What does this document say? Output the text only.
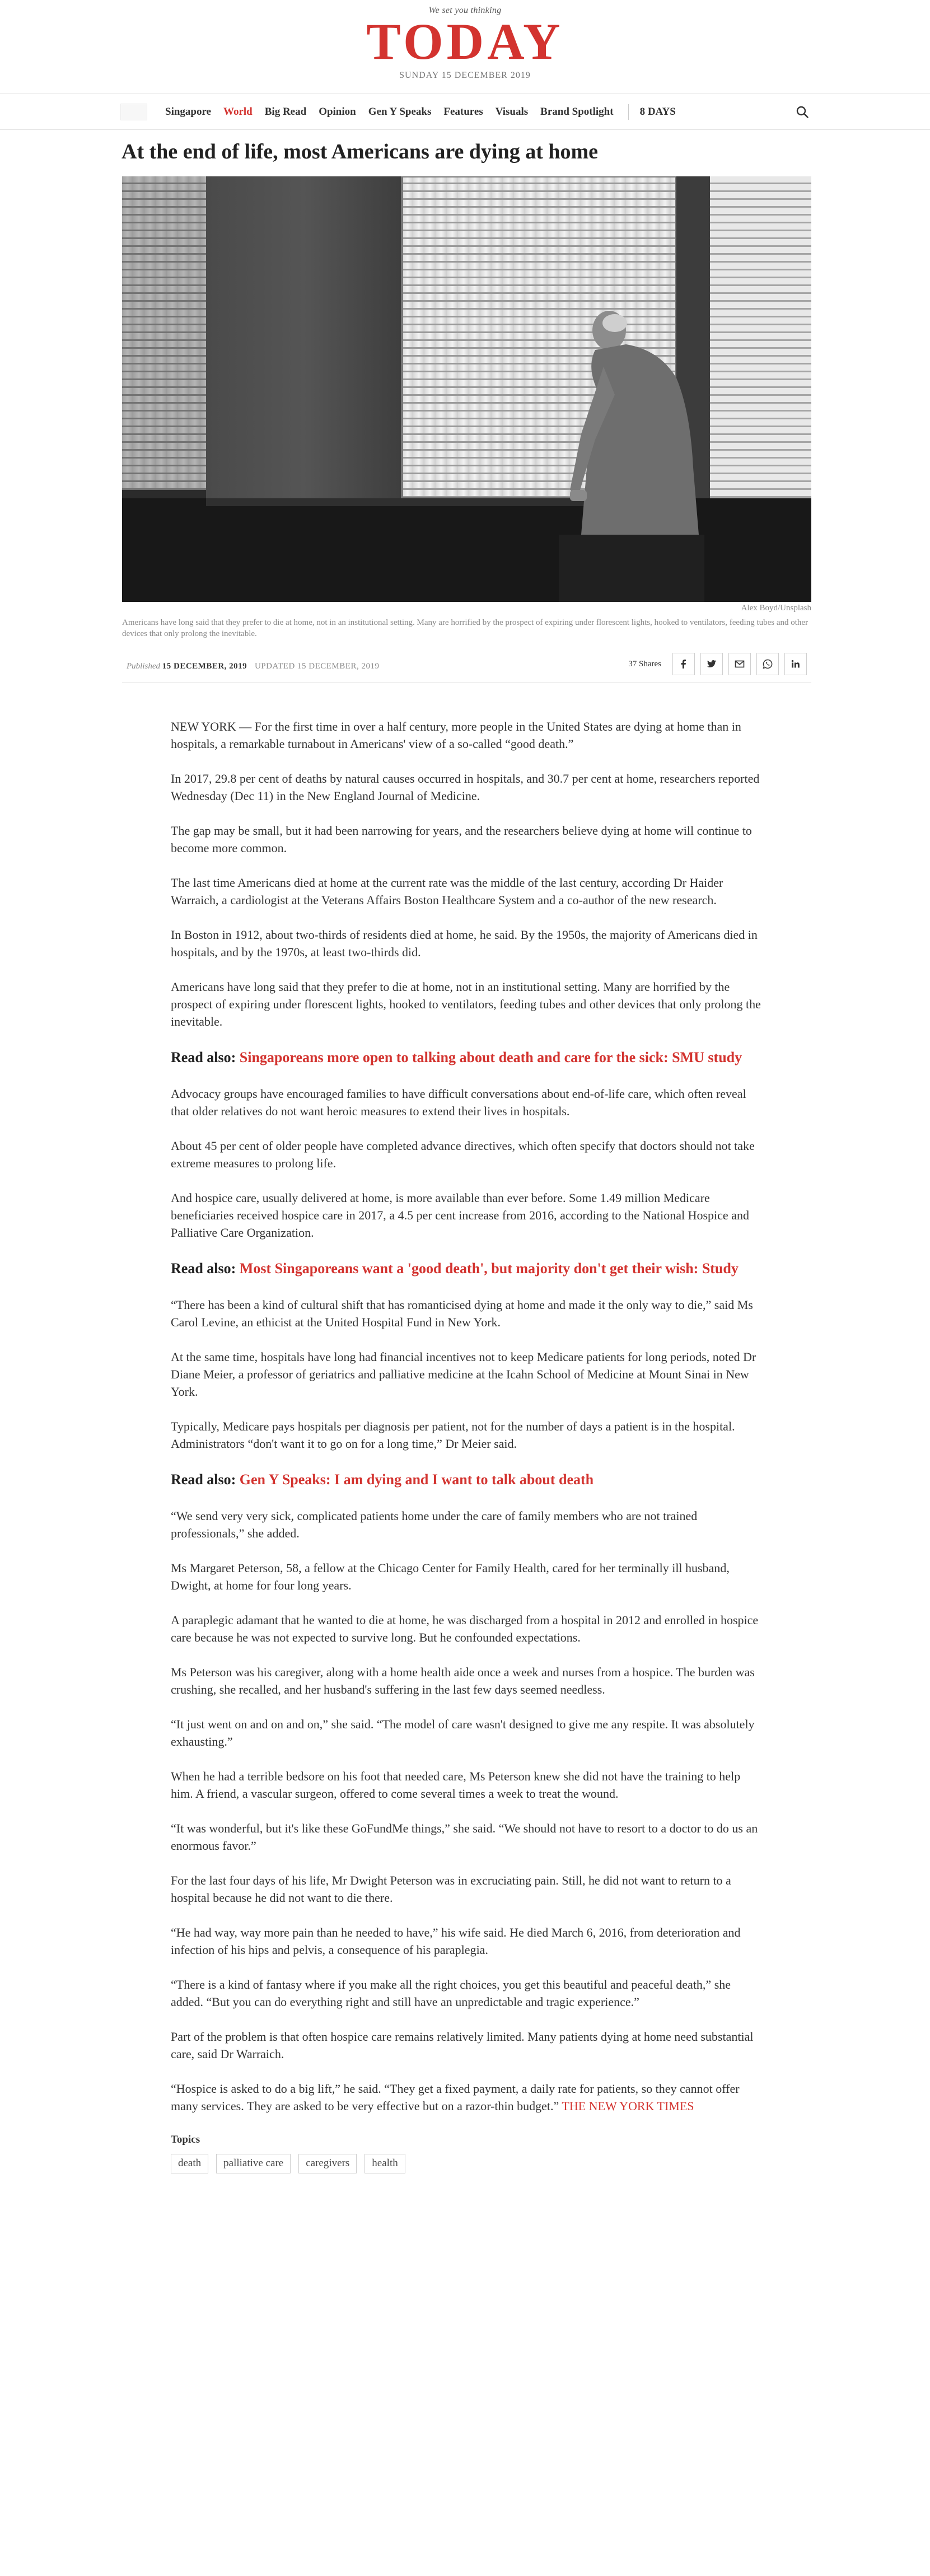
We set you thinking
TODAY
SUNDAY 15 DECEMBER 2019
Singapore World Big Read Opinion Gen Y Speaks Features Visuals Brand Spotlight 8 DAYS
At the end of life, most Americans are dying at home
Alex Boyd/Unsplash
Americans have long said that they prefer to die at home, not in an institutional setting. Many are horrified by the prospect of expiring under florescent lights, hooked to ventilators, feeding tubes and other devices that only prolong the inevitable.
Published 15 DECEMBER, 2019 UPDATED 15 DECEMBER, 2019	37 Shares

NEW YORK — For the first time in over a half century, more people in the United States are dying at home than in hospitals, a remarkable turnabout in Americans' view of a so-called “good death.”

In 2017, 29.8 per cent of deaths by natural causes occurred in hospitals, and 30.7 per cent at home, researchers reported Wednesday (Dec 11) in the New England Journal of Medicine.

The gap may be small, but it had been narrowing for years, and the researchers believe dying at home will continue to become more common.

The last time Americans died at home at the current rate was the middle of the last century, according Dr Haider Warraich, a cardiologist at the Veterans Affairs Boston Healthcare System and a co-author of the new research.

In Boston in 1912, about two-thirds of residents died at home, he said. By the 1950s, the majority of Americans died in hospitals, and by the 1970s, at least two-thirds did.

Americans have long said that they prefer to die at home, not in an institutional setting. Many are horrified by the prospect of expiring under florescent lights, hooked to ventilators, feeding tubes and other devices that only prolong the inevitable.

Read also: Singaporeans more open to talking about death and care for the sick: SMU study

Advocacy groups have encouraged families to have difficult conversations about end-of-life care, which often reveal that older relatives do not want heroic measures to extend their lives in hospitals.

About 45 per cent of older people have completed advance directives, which often specify that doctors should not take extreme measures to prolong life.

And hospice care, usually delivered at home, is more available than ever before. Some 1.49 million Medicare beneficiaries received hospice care in 2017, a 4.5 per cent increase from 2016, according to the National Hospice and Palliative Care Organization.

Read also: Most Singaporeans want a 'good death', but majority don't get their wish: Study

“There has been a kind of cultural shift that has romanticised dying at home and made it the only way to die,” said Ms Carol Levine, an ethicist at the United Hospital Fund in New York.

At the same time, hospitals have long had financial incentives not to keep Medicare patients for long periods, noted Dr Diane Meier, a professor of geriatrics and palliative medicine at the Icahn School of Medicine at Mount Sinai in New York.

Typically, Medicare pays hospitals per diagnosis per patient, not for the number of days a patient is in the hospital. Administrators “don't want it to go on for a long time,” Dr Meier said.

Read also: Gen Y Speaks: I am dying and I want to talk about death

“We send very very sick, complicated patients home under the care of family members who are not trained professionals,” she added.

Ms Margaret Peterson, 58, a fellow at the Chicago Center for Family Health, cared for her terminally ill husband, Dwight, at home for four long years.

A paraplegic adamant that he wanted to die at home, he was discharged from a hospital in 2012 and enrolled in hospice care because he was not expected to survive long. But he confounded expectations.

Ms Peterson was his caregiver, along with a home health aide once a week and nurses from a hospice. The burden was crushing, she recalled, and her husband's suffering in the last few days seemed needless.

“It just went on and on and on,” she said. “The model of care wasn't designed to give me any respite. It was absolutely exhausting.”

When he had a terrible bedsore on his foot that needed care, Ms Peterson knew she did not have the training to help him. A friend, a vascular surgeon, offered to come several times a week to treat the wound.

“It was wonderful, but it's like these GoFundMe things,” she said. “We should not have to resort to a doctor to do us an enormous favor.”

For the last four days of his life, Mr Dwight Peterson was in excruciating pain. Still, he did not want to return to a hospital because he did not want to die there.

“He had way, way more pain than he needed to have,” his wife said. He died March 6, 2016, from deterioration and infection of his hips and pelvis, a consequence of his paraplegia.

“There is a kind of fantasy where if you make all the right choices, you get this beautiful and peaceful death,” she added. “But you can do everything right and still have an unpredictable and tragic experience.”

Part of the problem is that often hospice care remains relatively limited. Many patients dying at home need substantial care, said Dr Warraich.

“Hospice is asked to do a big lift,” he said. “They get a fixed payment, a daily rate for patients, so they cannot offer many services. They are asked to be very effective but on a razor-thin budget.” THE NEW YORK TIMES

Topics
death	palliative care	caregivers	health
